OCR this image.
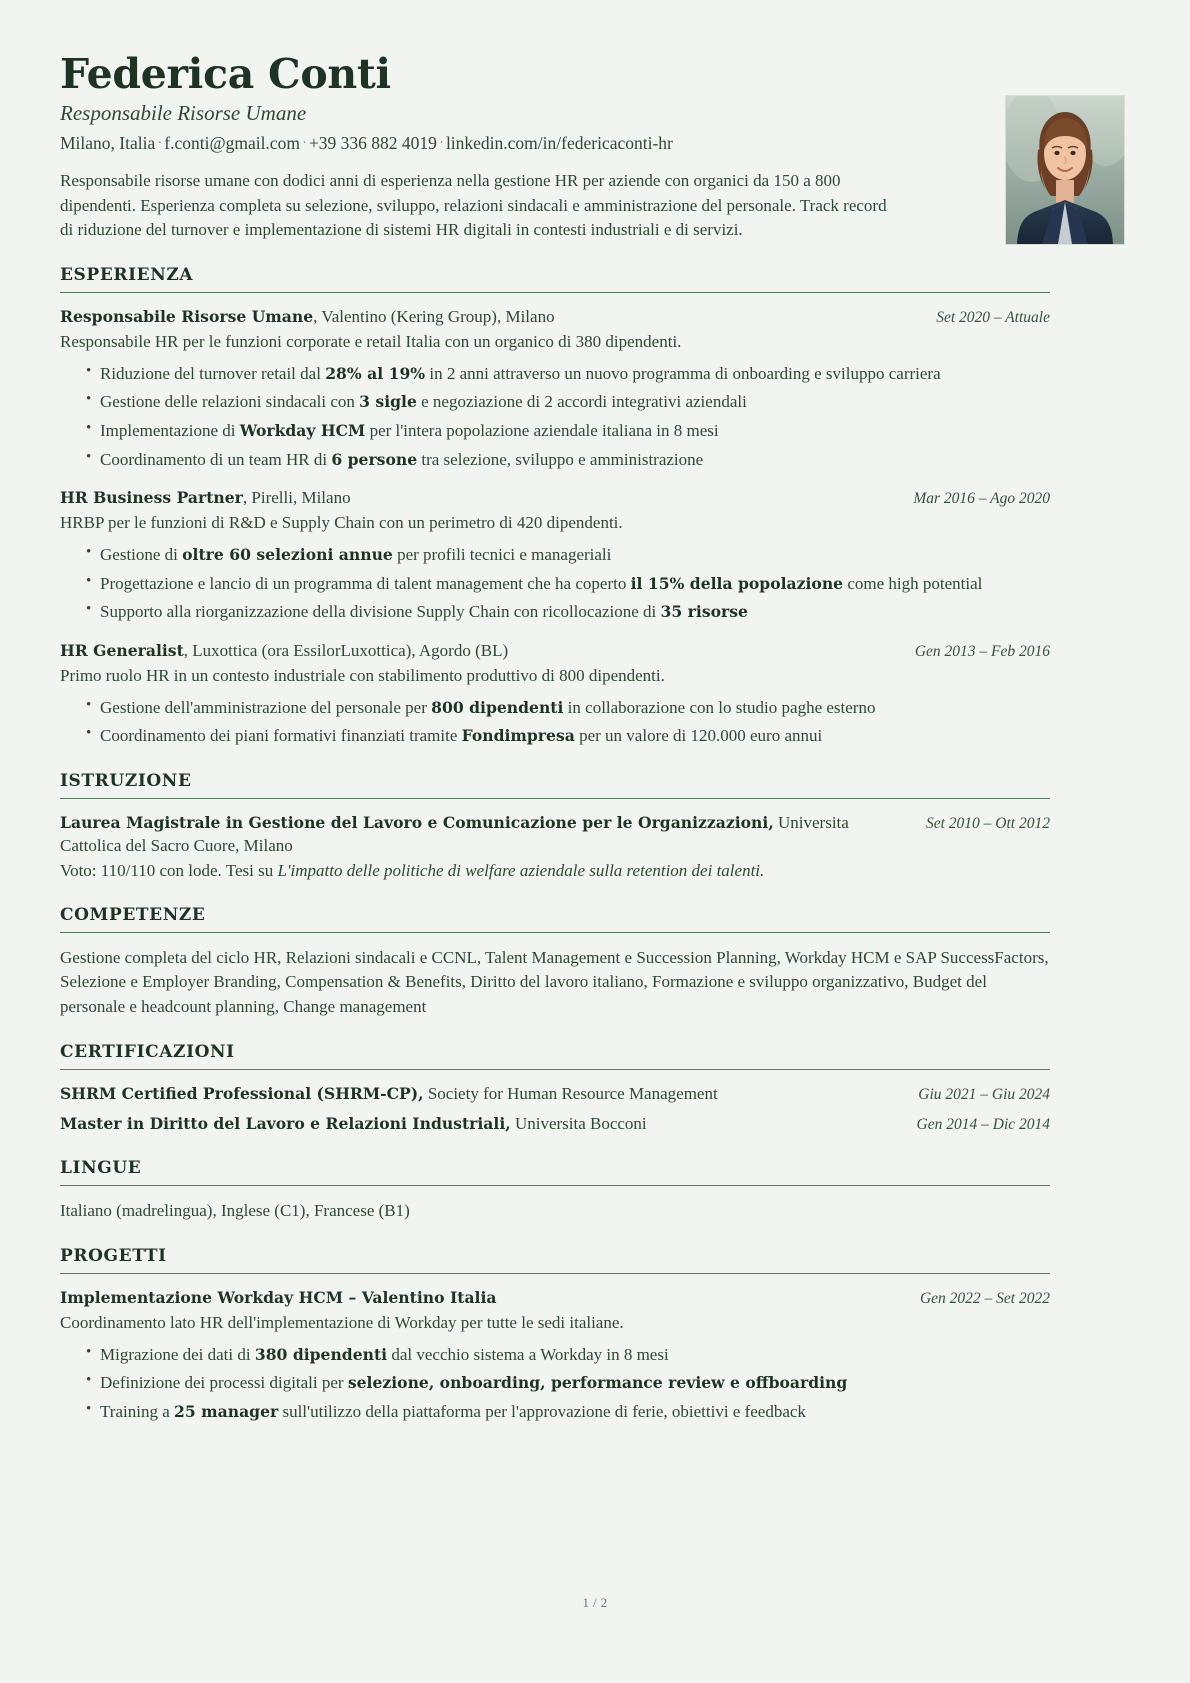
Federica Conti
Responsabile Risorse Umane
Milano, Italia · f.conti@gmail.com · +39 336 882 4019 · linkedin.com/in/federicaconti-hr

Responsabile risorse umane con dodici anni di esperienza nella gestione HR per aziende con organici da 150 a 800 dipendenti. Esperienza completa su selezione, sviluppo, relazioni sindacali e amministrazione del personale. Track record di riduzione del turnover e implementazione di sistemi HR digitali in contesti industriali e di servizi.

ESPERIENZA
Responsabile Risorse Umane, Valentino (Kering Group), Milano	Set 2020 – Attuale
Responsabile HR per le funzioni corporate e retail Italia con un organico di 380 dipendenti.
• Riduzione del turnover retail dal 28% al 19% in 2 anni attraverso un nuovo programma di onboarding e sviluppo carriera
• Gestione delle relazioni sindacali con 3 sigle e negoziazione di 2 accordi integrativi aziendali
• Implementazione di Workday HCM per l'intera popolazione aziendale italiana in 8 mesi
• Coordinamento di un team HR di 6 persone tra selezione, sviluppo e amministrazione
HR Business Partner, Pirelli, Milano	Mar 2016 – Ago 2020
HRBP per le funzioni di R&D e Supply Chain con un perimetro di 420 dipendenti.
• Gestione di oltre 60 selezioni annue per profili tecnici e manageriali
• Progettazione e lancio di un programma di talent management che ha coperto il 15% della popolazione come high potential
• Supporto alla riorganizzazione della divisione Supply Chain con ricollocazione di 35 risorse
HR Generalist, Luxottica (ora EssilorLuxottica), Agordo (BL)	Gen 2013 – Feb 2016
Primo ruolo HR in un contesto industriale con stabilimento produttivo di 800 dipendenti.
• Gestione dell'amministrazione del personale per 800 dipendenti in collaborazione con lo studio paghe esterno
• Coordinamento dei piani formativi finanziati tramite Fondimpresa per un valore di 120.000 euro annui
ISTRUZIONE
Laurea Magistrale in Gestione del Lavoro e Comunicazione per le Organizzazioni, Universita Cattolica del Sacro Cuore, Milano
Set 2010 – Ott 2012
Voto: 110/110 con lode. Tesi su L'impatto delle politiche di welfare aziendale sulla retention dei talenti.
COMPETENZE

Gestione completa del ciclo HR, Relazioni sindacali e CCNL, Talent Management e Succession Planning, Workday HCM e SAP SuccessFactors, Selezione e Employer Branding, Compensation & Benefits, Diritto del lavoro italiano, Formazione e sviluppo organizzativo, Budget del personale e headcount planning, Change management

CERTIFICAZIONI
SHRM Certified Professional (SHRM-CP), Society for Human Resource Management	Giu 2021 – Giu 2024
Master in Diritto del Lavoro e Relazioni Industriali, Universita Bocconi	Gen 2014 – Dic 2014
LINGUE

Italiano (madrelingua), Inglese (C1), Francese (B1)

PROGETTI
Implementazione Workday HCM – Valentino Italia	Gen 2022 – Set 2022
Coordinamento lato HR dell'implementazione di Workday per tutte le sedi italiane.
• Migrazione dei dati di 380 dipendenti dal vecchio sistema a Workday in 8 mesi
• Definizione dei processi digitali per selezione, onboarding, performance review e offboarding
• Training a 25 manager sull'utilizzo della piattaforma per l'approvazione di ferie, obiettivi e feedback
1 / 2
